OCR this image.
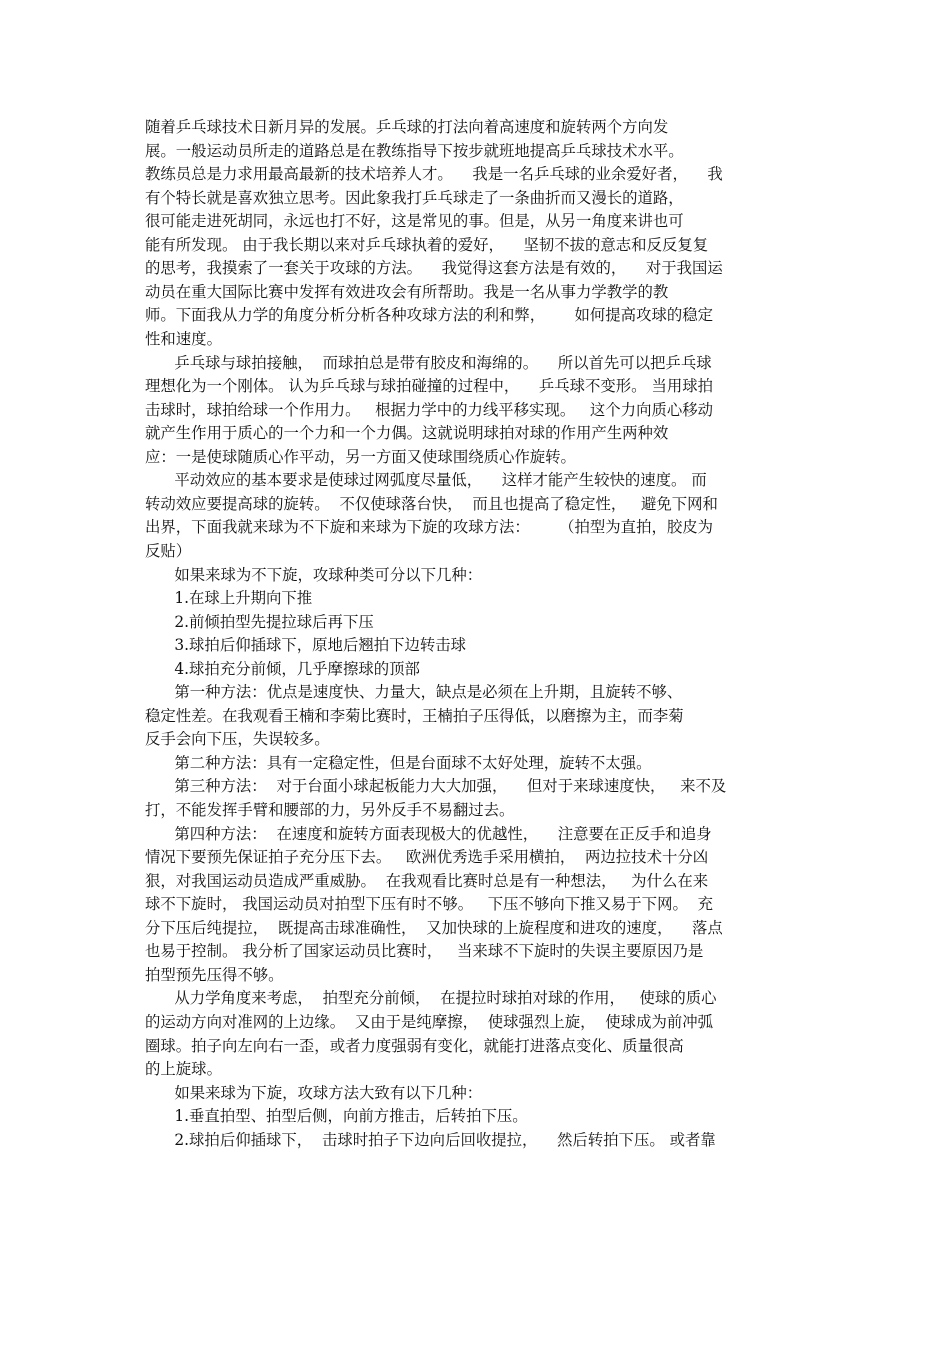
随着乒乓球技术日新月异的发展。乒乓球的打法向着高速度和旋转两个方向发
展。一般运动员所走的道路总是在教练指导下按步就班地提高乒乓球技术水平。
教练员总是力求用最高最新的技术培养人才。    我是一名乒乓球的业余爱好者，    我
有个特长就是喜欢独立思考。因此象我打乒乓球走了一条曲折而又漫长的道路，
很可能走进死胡同，永远也打不好，这是常见的事。但是，从另一角度来讲也可
能有所发现。 由于我长期以来对乒乓球执着的爱好，    坚韧不拔的意志和反反复复
的思考，我摸索了一套关于攻球的方法。    我觉得这套方法是有效的，    对于我国运
动员在重大国际比赛中发挥有效进攻会有所帮助。我是一名从事力学教学的教
师。下面我从力学的角度分析分析各种攻球方法的利和弊，      如何提高攻球的稳定
性和速度。
乒乓球与球拍接触，  而球拍总是带有胶皮和海绵的。    所以首先可以把乒乓球
理想化为一个刚体。 认为乒乓球与球拍碰撞的过程中，    乒乓球不变形。 当用球拍
击球时，球拍给球一个作用力。   根据力学中的力线平移实现。   这个力向质心移动
就产生作用于质心的一个力和一个力偶。这就说明球拍对球的作用产生两种效
应：一是使球随质心作平动，另一方面又使球围绕质心作旋转。
平动效应的基本要求是使球过网弧度尽量低，    这样才能产生较快的速度。 而
转动效应要提高球的旋转。  不仅使球落台快，  而且也提高了稳定性，   避免下网和
出界，下面我就来球为不下旋和来球为下旋的攻球方法：      （拍型为直拍，胶皮为
反贴）
如果来球为不下旋，攻球种类可分以下几种：
1.在球上升期向下推
2.前倾拍型先提拉球后再下压
3.球拍后仰插球下，原地后翘拍下边转击球
4.球拍充分前倾，几乎摩擦球的顶部
第一种方法：优点是速度快、力量大，缺点是必须在上升期，且旋转不够、
稳定性差。在我观看王楠和李菊比赛时，王楠拍子压得低，以磨擦为主，而李菊
反手会向下压，失误较多。
第二种方法：具有一定稳定性，但是台面球不太好处理，旋转不太强。
第三种方法：  对于台面小球起板能力大大加强，    但对于来球速度快，   来不及
打，不能发挥手臂和腰部的力，另外反手不易翻过去。
第四种方法：  在速度和旋转方面表现极大的优越性，    注意要在正反手和追身
情况下要预先保证拍子充分压下去。   欧洲优秀选手采用横拍，  两边拉技术十分凶
狠，对我国运动员造成严重威胁。  在我观看比赛时总是有一种想法，   为什么在来
球不下旋时， 我国运动员对拍型下压有时不够。   下压不够向下推又易于下网。  充
分下压后纯提拉，  既提高击球准确性，  又加快球的上旋程度和进攻的速度，    落点
也易于控制。 我分析了国家运动员比赛时，   当来球不下旋时的失误主要原因乃是
拍型预先压得不够。
从力学角度来考虑，  拍型充分前倾，  在提拉时球拍对球的作用，   使球的质心
的运动方向对准网的上边缘。  又由于是纯摩擦，  使球强烈上旋，  使球成为前冲弧
圈球。拍子向左向右一歪，或者力度强弱有变化，就能打进落点变化、质量很高
的上旋球。
如果来球为下旋，攻球方法大致有以下几种：
1.垂直拍型、拍型后侧，向前方推击，后转拍下压。
2.球拍后仰插球下，  击球时拍子下边向后回收提拉，    然后转拍下压。 或者靠
